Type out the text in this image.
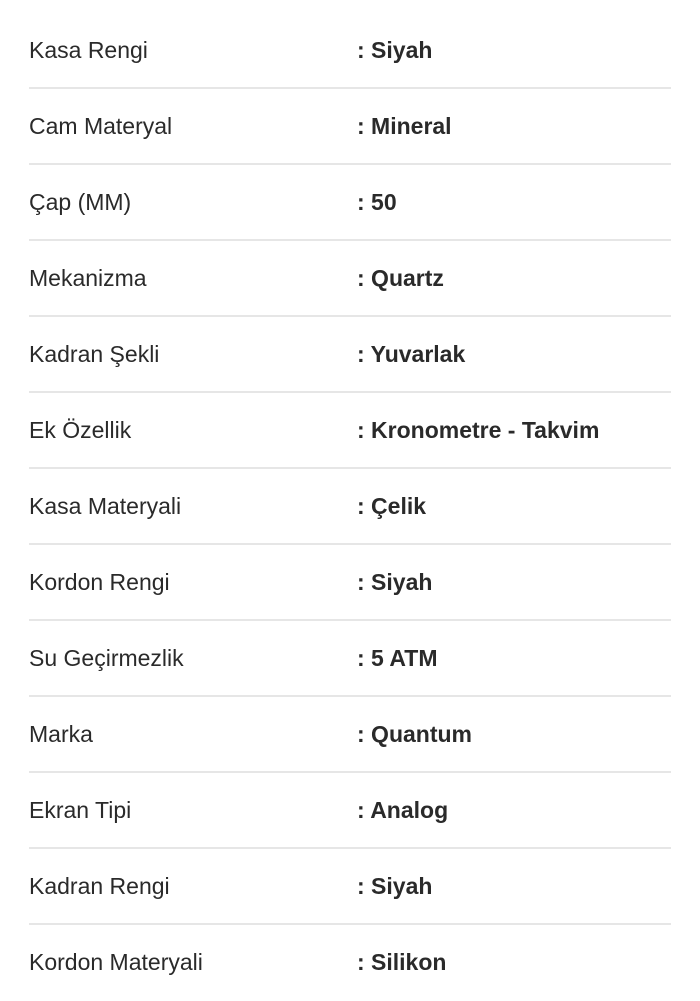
Kasa Rengi	: Siyah
Cam Materyal	: Mineral
Çap (MM)	: 50
Mekanizma	: Quartz
Kadran Şekli	: Yuvarlak
Ek Özellik	: Kronometre - Takvim
Kasa Materyali	: Çelik
Kordon Rengi	: Siyah
Su Geçirmezlik	: 5 ATM
Marka	: Quantum
Ekran Tipi	: Analog
Kadran Rengi	: Siyah
Kordon Materyali	: Silikon
